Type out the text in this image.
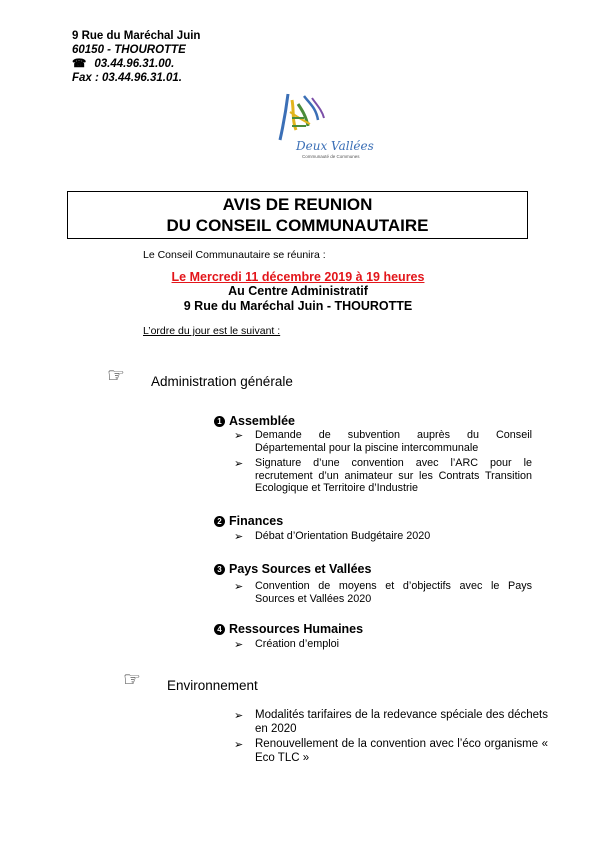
9 Rue du Maréchal Juin
60150 - THOUROTTE
☎ 03.44.96.31.00.
Fax : 03.44.96.31.01.
Deux Vallées
Communauté de Communes
AVIS DE REUNION
DU CONSEIL COMMUNAUTAIRE
Le Conseil Communautaire se réunira :
Le Mercredi 11 décembre 2019 à 19 heures
Au Centre Administratif
9 Rue du Maréchal Juin - THOUROTTE
L’ordre du jour est le suivant :
☞ Administration générale
1 Assemblée
➢ Demande de subvention auprès du Conseil Départemental pour la piscine intercommunale
➢ Signature d’une convention avec l’ARC pour le recrutement d’un animateur sur les Contrats Transition Ecologique et Territoire d’Industrie
2 Finances
➢ Débat d’Orientation Budgétaire 2020
3 Pays Sources et Vallées
➢ Convention de moyens et d’objectifs avec le Pays Sources et Vallées 2020
4 Ressources Humaines
➢ Création d’emploi
☞ Environnement
➢ Modalités tarifaires de la redevance spéciale des déchets en 2020
➢ Renouvellement de la convention avec l’éco organisme « Eco TLC »
